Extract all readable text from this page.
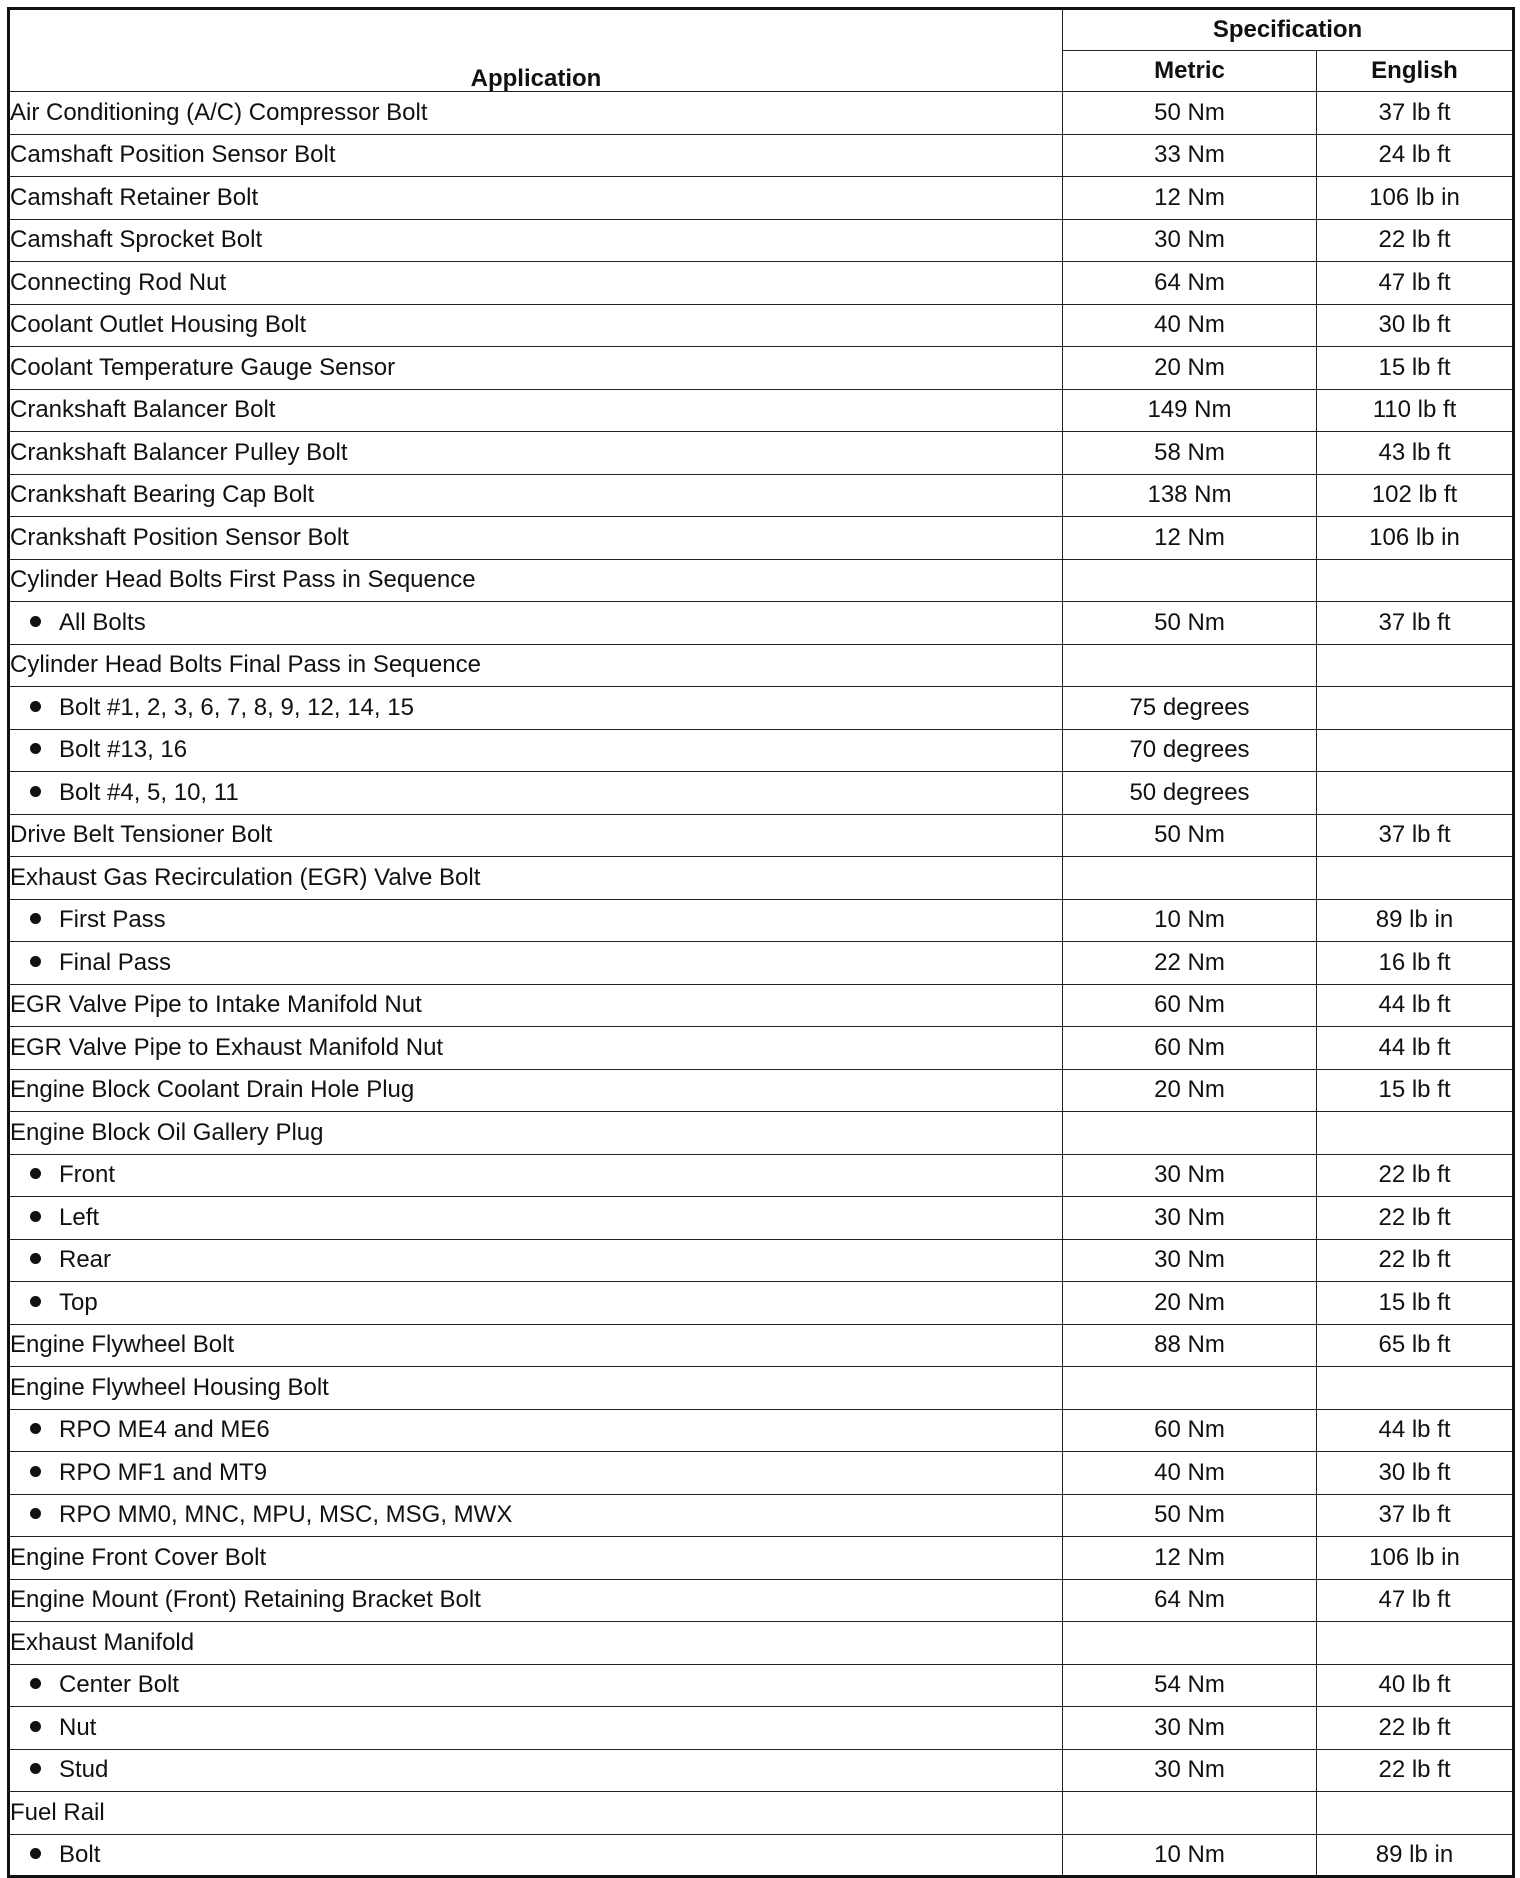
Application	Specification	
	Metric	English
Air Conditioning (A/C) Compressor Bolt	50 Nm	37 lb ft
Camshaft Position Sensor Bolt	33 Nm	24 lb ft
Camshaft Retainer Bolt	12 Nm	106 lb in
Camshaft Sprocket Bolt	30 Nm	22 lb ft
Connecting Rod Nut	64 Nm	47 lb ft
Coolant Outlet Housing Bolt	40 Nm	30 lb ft
Coolant Temperature Gauge Sensor	20 Nm	15 lb ft
Crankshaft Balancer Bolt	149 Nm	110 lb ft
Crankshaft Balancer Pulley Bolt	58 Nm	43 lb ft
Crankshaft Bearing Cap Bolt	138 Nm	102 lb ft
Crankshaft Position Sensor Bolt	12 Nm	106 lb in
Cylinder Head Bolts First Pass in Sequence		
All Bolts	50 Nm	37 lb ft
Cylinder Head Bolts Final Pass in Sequence		
Bolt #1, 2, 3, 6, 7, 8, 9, 12, 14, 15	75 degrees	
Bolt #13, 16	70 degrees	
Bolt #4, 5, 10, 11	50 degrees	
Drive Belt Tensioner Bolt	50 Nm	37 lb ft
Exhaust Gas Recirculation (EGR) Valve Bolt		
First Pass	10 Nm	89 lb in
Final Pass	22 Nm	16 lb ft
EGR Valve Pipe to Intake Manifold Nut	60 Nm	44 lb ft
EGR Valve Pipe to Exhaust Manifold Nut	60 Nm	44 lb ft
Engine Block Coolant Drain Hole Plug	20 Nm	15 lb ft
Engine Block Oil Gallery Plug		
Front	30 Nm	22 lb ft
Left	30 Nm	22 lb ft
Rear	30 Nm	22 lb ft
Top	20 Nm	15 lb ft
Engine Flywheel Bolt	88 Nm	65 lb ft
Engine Flywheel Housing Bolt		
RPO ME4 and ME6	60 Nm	44 lb ft
RPO MF1 and MT9	40 Nm	30 lb ft
RPO MM0, MNC, MPU, MSC, MSG, MWX	50 Nm	37 lb ft
Engine Front Cover Bolt	12 Nm	106 lb in
Engine Mount (Front) Retaining Bracket Bolt	64 Nm	47 lb ft
Exhaust Manifold		
Center Bolt	54 Nm	40 lb ft
Nut	30 Nm	22 lb ft
Stud	30 Nm	22 lb ft
Fuel Rail		
Bolt	10 Nm	89 lb in
